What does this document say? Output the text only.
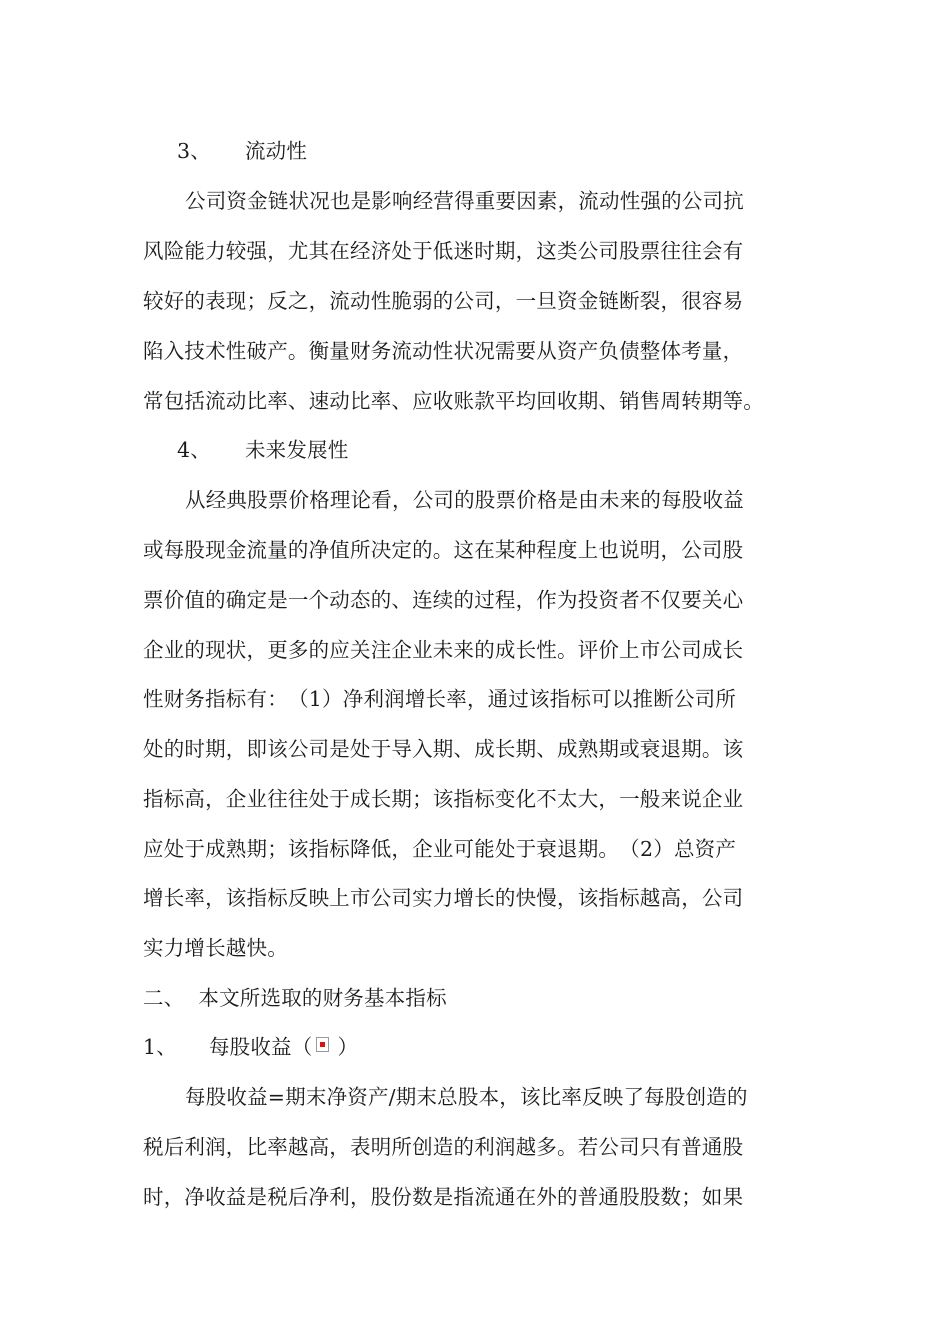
3、 流动性
公司资金链状况也是影响经营得重要因素，流动性强的公司抗
风险能力较强，尤其在经济处于低迷时期，这类公司股票往往会有
较好的表现；反之，流动性脆弱的公司，一旦资金链断裂，很容易
陷入技术性破产。衡量财务流动性状况需要从资产负债整体考量，
常包括流动比率、速动比率、应收账款平均回收期、销售周转期等。
4、 未来发展性
从经典股票价格理论看，公司的股票价格是由未来的每股收益
或每股现金流量的净值所决定的。这在某种程度上也说明，公司股
票价值的确定是一个动态的、连续的过程，作为投资者不仅要关心
企业的现状，更多的应关注企业未来的成长性。评价上市公司成长
性财务指标有：　（1）净利润增长率，通过该指标可以推断公司所
处的时期，即该公司是处于导入期、成长期、成熟期或衰退期。该
指标高，企业往往处于成长期；该指标变化不太大，一般来说企业
应处于成熟期；该指标降低，企业可能处于衰退期。　（2）总资产
增长率，该指标反映上市公司实力增长的快慢，该指标越高，公司
实力增长越快。
二、 本文所选取的财务基本指标
1、 每股收益（ ）
每股收益=期末净资产/期末总股本，该比率反映了每股创造的
税后利润，比率越高，表明所创造的利润越多。若公司只有普通股
时，净收益是税后净利，股份数是指流通在外的普通股股数；如果
